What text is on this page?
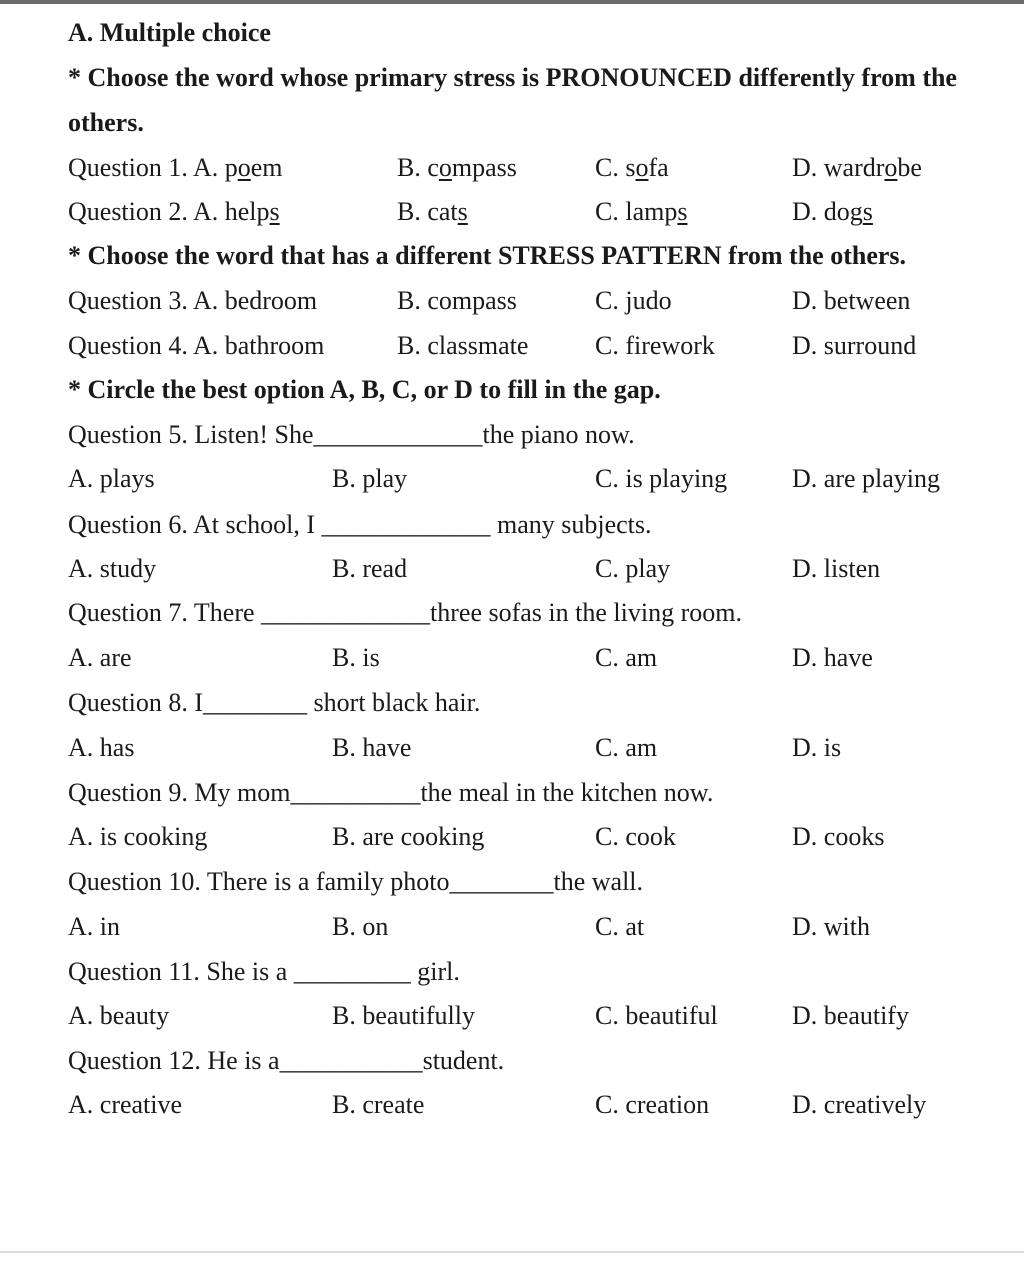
A. Multiple choice
* Choose the word whose primary stress is PRONOUNCED differently from the
others.
Question 1. A. poem	B. compass	C. sofa	D. wardrobe
Question 2. A. helps	B. cats	C. lamps	D. dogs
* Choose the word that has a different STRESS PATTERN from the others.
Question 3. A. bedroom	B. compass	C. judo	D. between
Question 4. A. bathroom	B. classmate	C. firework	D. surround
* Circle the best option A, B, C, or D to fill in the gap.
Question 5. Listen! She_____________the piano now.
A. plays	B. play	C. is playing D. are playing
Question 6. At school, I _____________ many subjects.
A. study	B. read	C. play	D. listen
Question 7. There _____________three sofas in the living room.
A. are	B. is	C. am	D. have
Question 8. I________ short black hair.
A. has	B. have	C. am	D. is
Question 9. My mom__________the meal in the kitchen now.
A. is cooking	B. are cooking	C. cook	D. cooks
Question 10. There is a family photo________the wall.
A. in	B. on	C. at	D. with
Question 11. She is a _________ girl.
A. beauty	B. beautifully	C. beautiful	D. beautify
Question 12. He is a___________student.
A. creative	B. create	C. creation	D. creatively
